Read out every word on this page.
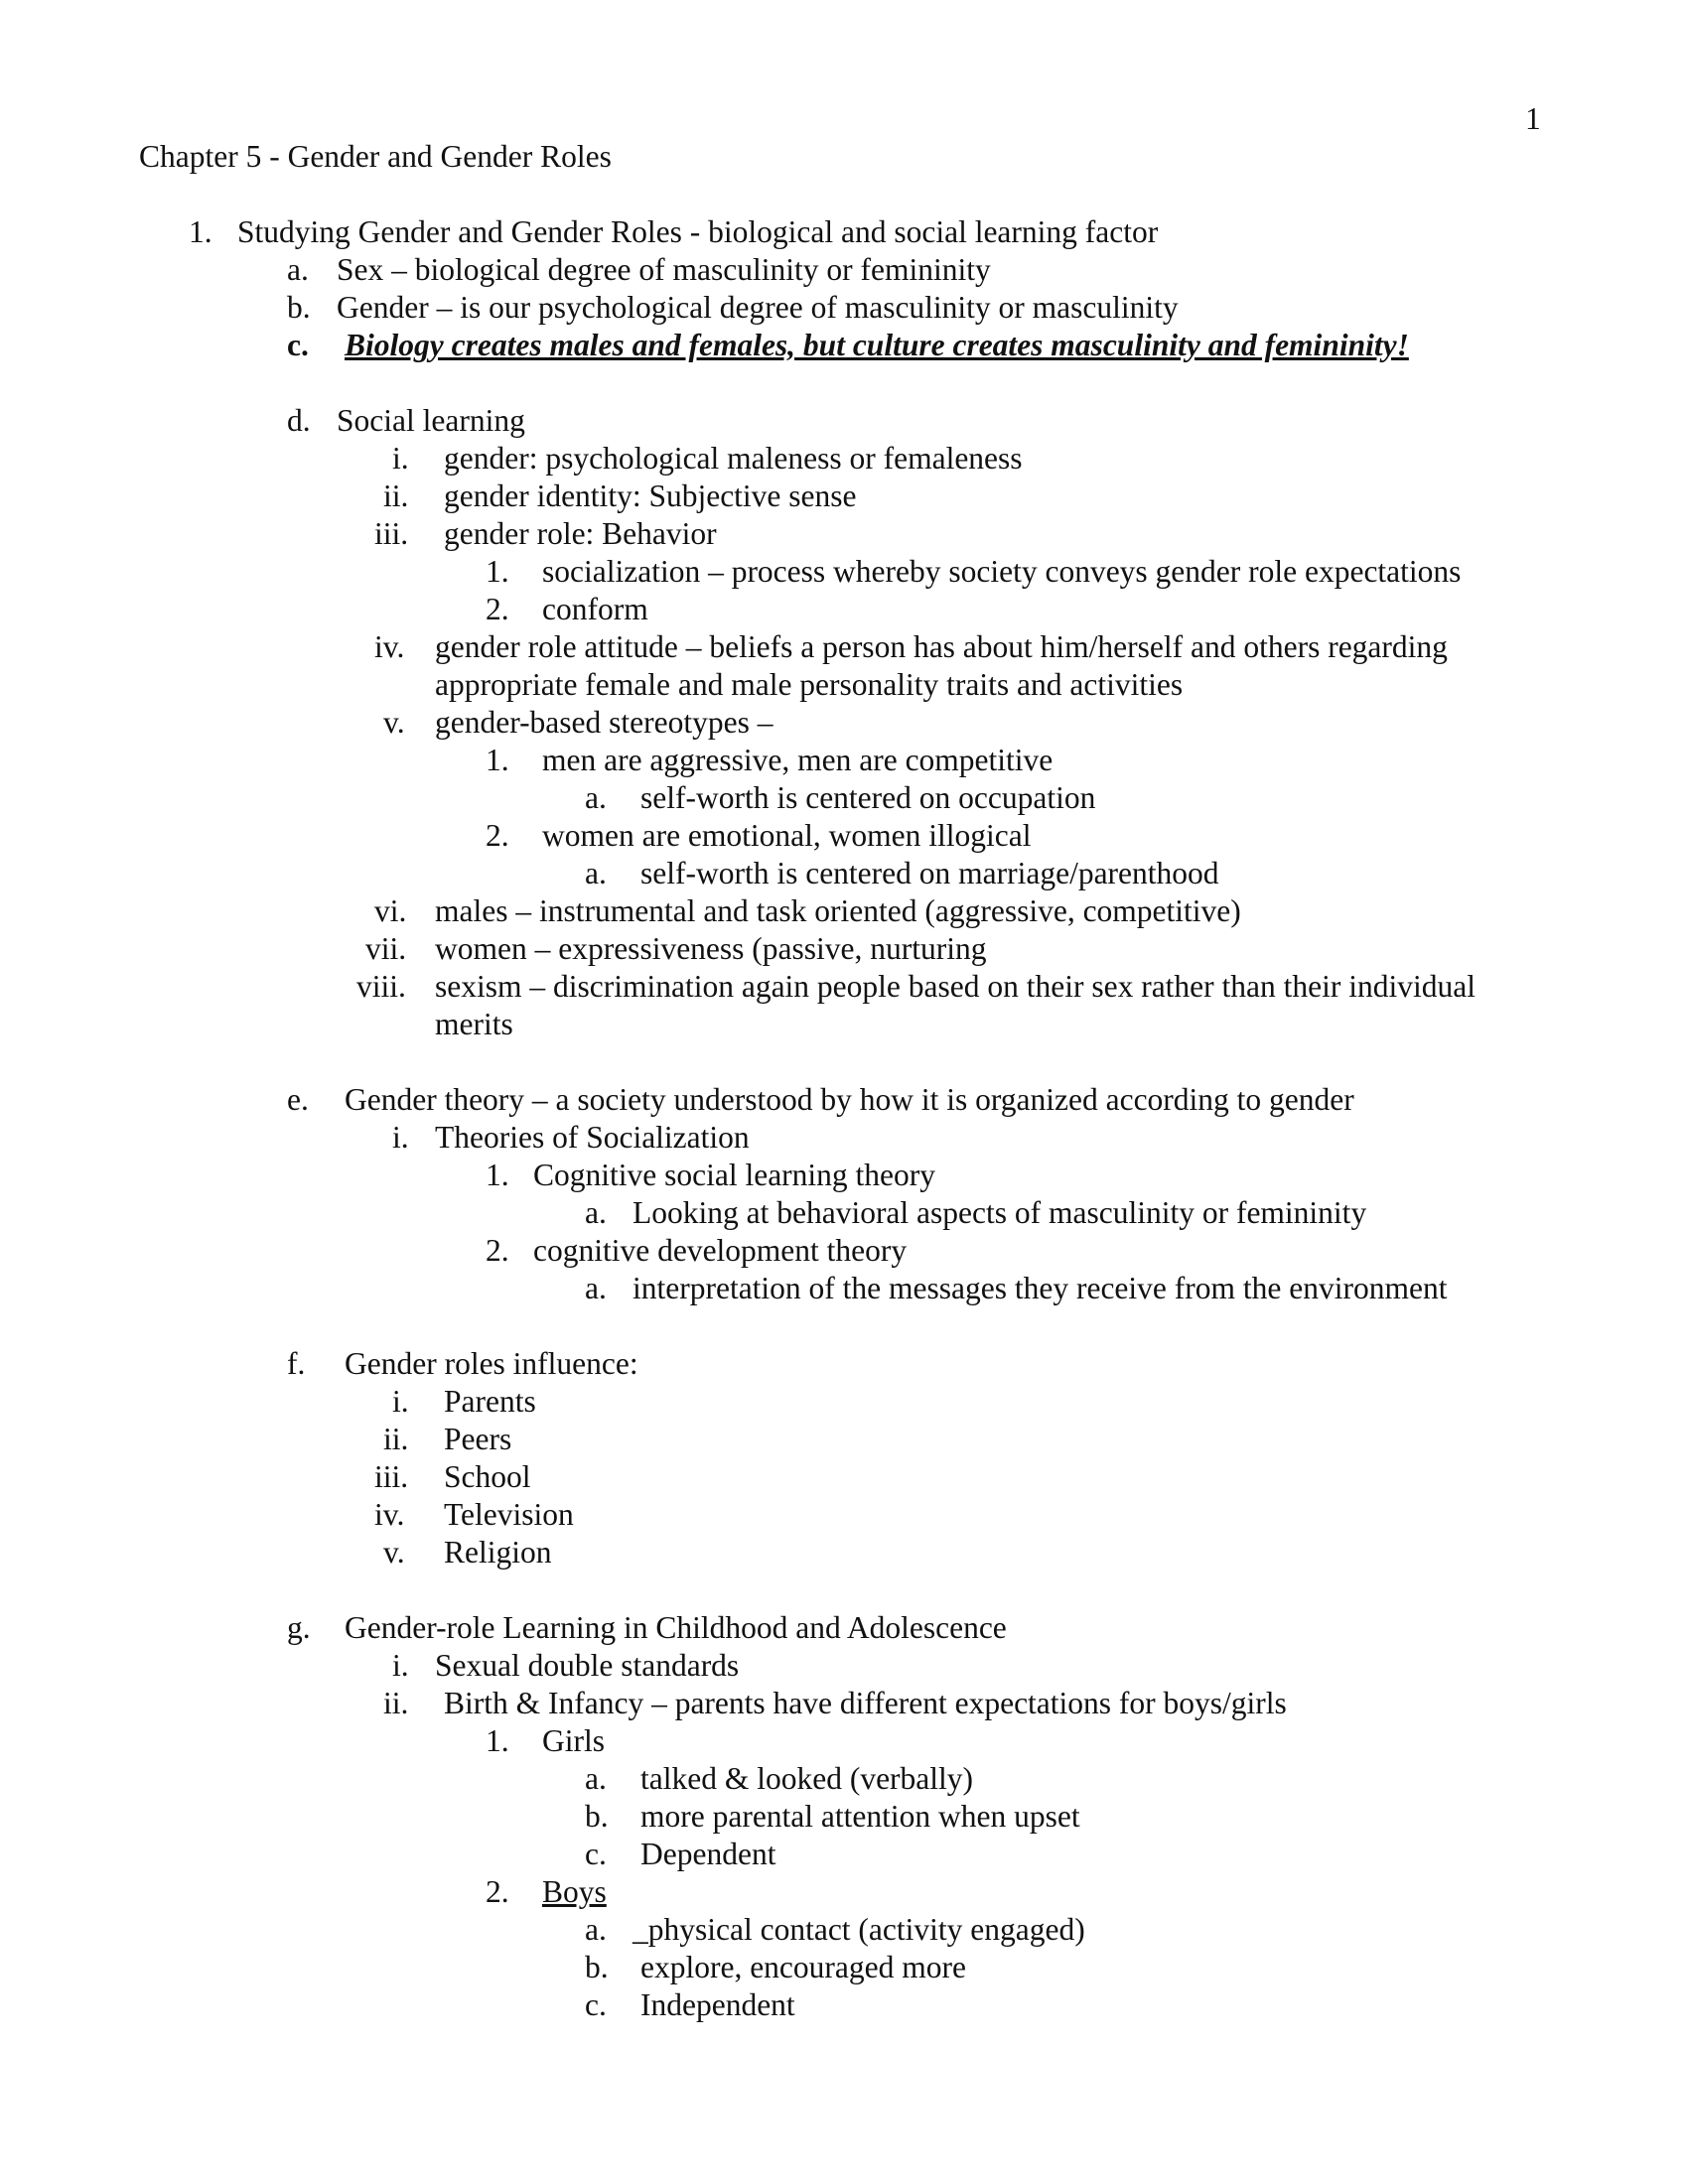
1
Chapter 5 - Gender and Gender Roles
1. Studying Gender and Gender Roles - biological and social learning factor
a. Sex – biological degree of masculinity or femininity
b. Gender – is our psychological degree of masculinity or masculinity
c. Biology creates males and females, but culture creates masculinity and femininity!
d. Social learning
i. gender: psychological maleness or femaleness
ii. gender identity: Subjective sense
iii. gender role: Behavior
1. socialization – process whereby society conveys gender role expectations
2. conform
iv. gender role attitude – beliefs a person has about him/herself and others regarding
appropriate female and male personality traits and activities
v. gender-based stereotypes –
1. men are aggressive, men are competitive
a. self-worth is centered on occupation
2. women are emotional, women illogical
a. self-worth is centered on marriage/parenthood
vi. males – instrumental and task oriented (aggressive, competitive)
vii. women – expressiveness (passive, nurturing
viii. sexism – discrimination again people based on their sex rather than their individual
merits
e. Gender theory – a society understood by how it is organized according to gender
i. Theories of Socialization
1. Cognitive social learning theory
a. Looking at behavioral aspects of masculinity or femininity
2. cognitive development theory
a. interpretation of the messages they receive from the environment
f. Gender roles influence:
i. Parents
ii. Peers
iii. School
iv. Television
v. Religion
g. Gender-role Learning in Childhood and Adolescence
i. Sexual double standards
ii. Birth & Infancy – parents have different expectations for boys/girls
1. Girls
a. talked & looked (verbally)
b. more parental attention when upset
c. Dependent
2. Boys
a. _physical contact (activity engaged)
b. explore, encouraged more
c. Independent
